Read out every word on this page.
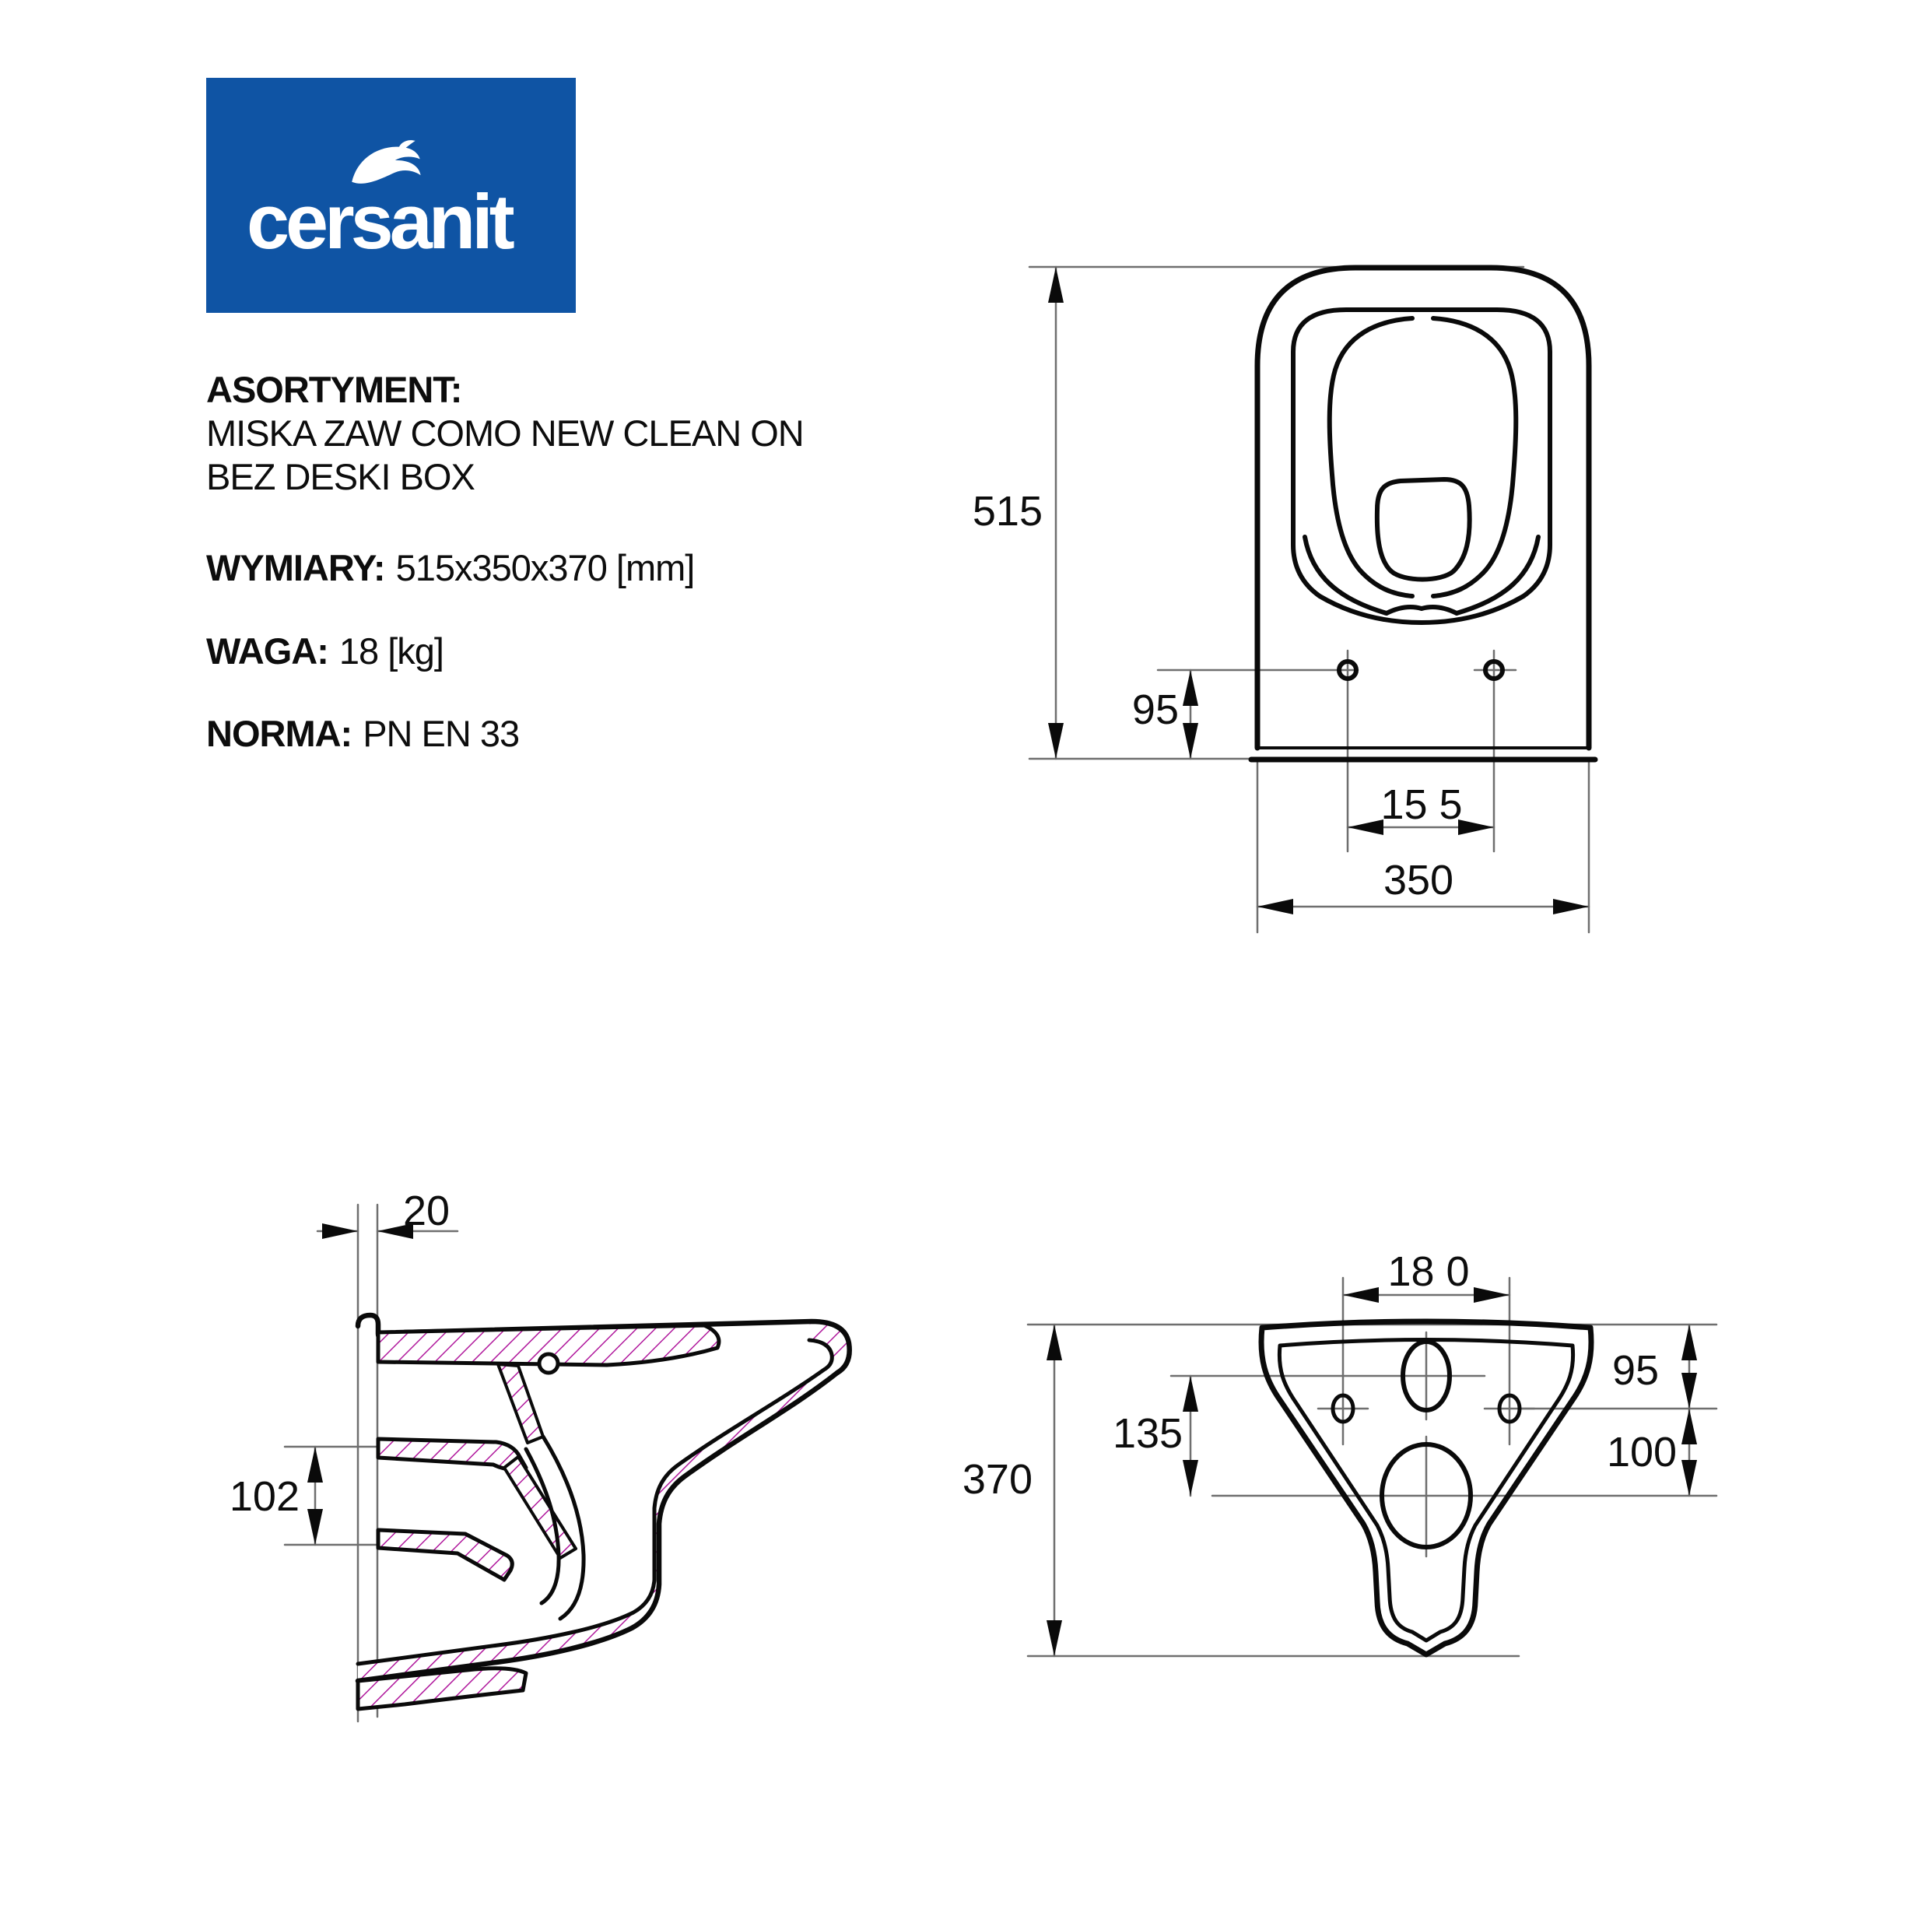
cersanit
ASORTYMENT:
MISKA ZAW COMO NEW CLEAN ON
BEZ DESKI BOX
WYMIARY: 515x350x370 [mm]
WAGA: 18 [kg]
NORMA: PN EN 33
515
95
15 5
350
20
102
18 0
95
100
135
370
